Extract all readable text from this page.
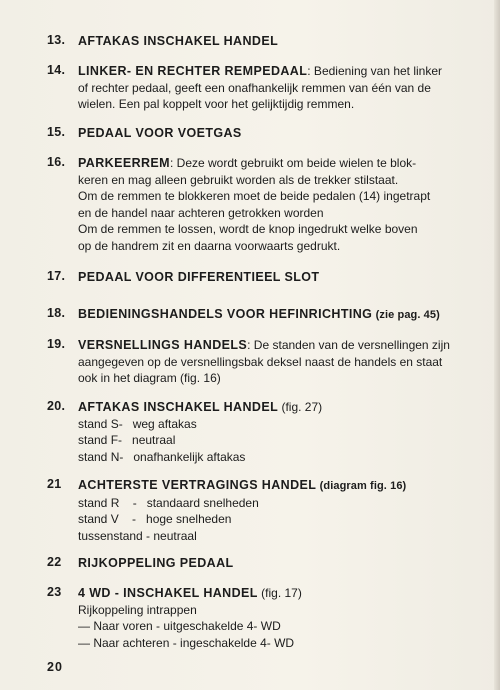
13. AFTAKAS INSCHAKEL HANDEL
14. LINKER- EN RECHTER REMPEDAAL: Bediening van het linker
of rechter pedaal, geeft een onafhankelijk remmen van één van de
wielen. Een pal koppelt voor het gelijktijdig remmen.
15. PEDAAL VOOR VOETGAS
16. PARKEERREM: Deze wordt gebruikt om beide wielen te blok-
keren en mag alleen gebruikt worden als de trekker stilstaat.
Om de remmen te blokkeren moet de beide pedalen (14) ingetrapt
en de handel naar achteren getrokken worden
Om de remmen te lossen, wordt de knop ingedrukt welke boven
op de handrem zit en daarna voorwaarts gedrukt.
17. PEDAAL VOOR DIFFERENTIEEL SLOT
18. BEDIENINGSHANDELS VOOR HEFINRICHTING (zie pag. 45)
19. VERSNELLINGS HANDELS: De standen van de versnellingen zijn
aangegeven op de versnellingsbak deksel naast de handels en staat
ook in het diagram (fig. 16)
20. AFTAKAS INSCHAKEL HANDEL (fig. 27)
stand S-   weg aftakas
stand F-   neutraal
stand N-   onafhankelijk aftakas
21 ACHTERSTE VERTRAGINGS HANDEL (diagram fig. 16)
stand R    -   standaard snelheden
stand V    -   hoge snelheden
tussenstand - neutraal
22 RIJKOPPELING PEDAAL
23 4 WD - INSCHAKEL HANDEL (fig. 17)
Rijkoppeling intrappen
— Naar voren - uitgeschakelde 4- WD
— Naar achteren - ingeschakelde 4- WD
20
